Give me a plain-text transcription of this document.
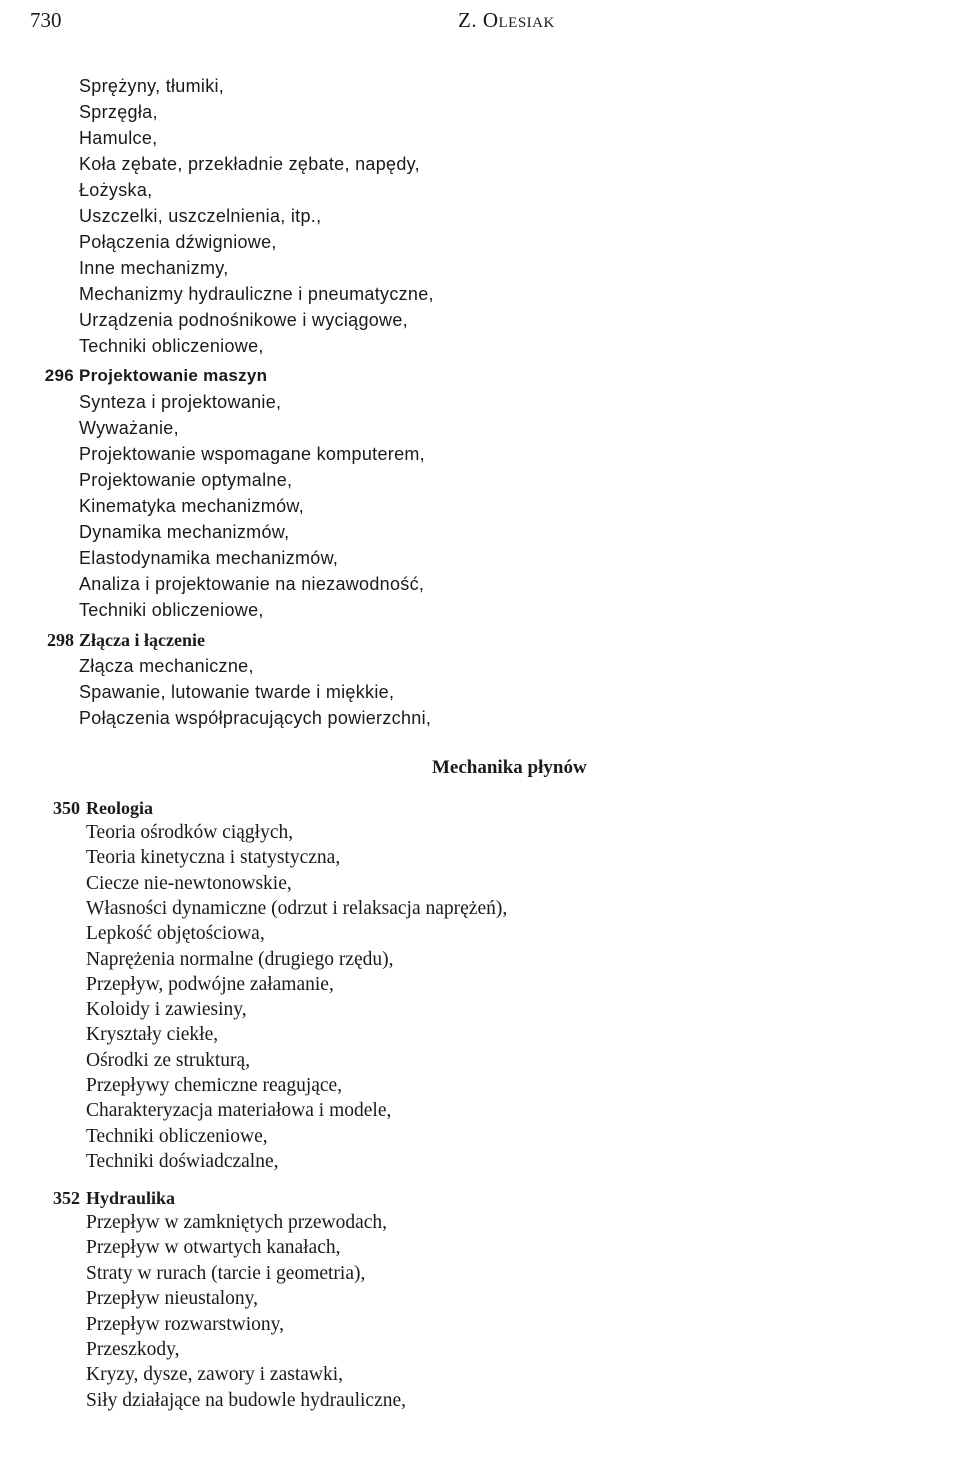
730	Z. Olesiak
Sprężyny, tłumiki,
Sprzęgła,
Hamulce,
Koła zębate, przekładnie zębate, napędy,
Łożyska,
Uszczelki, uszczelnienia, itp.,
Połączenia dźwigniowe,
Inne mechanizmy,
Mechanizmy hydrauliczne i pneumatyczne,
Urządzenia podnośnikowe i wyciągowe,
Techniki obliczeniowe,
296 Projektowanie maszyn
Synteza i projektowanie,
Wyważanie,
Projektowanie wspomagane komputerem,
Projektowanie optymalne,
Kinematyka mechanizmów,
Dynamika mechanizmów,
Elastodynamika mechanizmów,
Analiza i projektowanie na niezawodność,
Techniki obliczeniowe,
298 Złącza i łączenie
Złącza mechaniczne,
Spawanie, lutowanie twarde i miękkie,
Połączenia współpracujących powierzchni,
Mechanika płynów
350 Reologia
Teoria ośrodków ciągłych,
Teoria kinetyczna i statystyczna,
Ciecze nie-newtonowskie,
Własności dynamiczne (odrzut i relaksacja naprężeń),
Lepkość objętościowa,
Naprężenia normalne (drugiego rzędu),
Przepływ, podwójne załamanie,
Koloidy i zawiesiny,
Kryształy ciekłe,
Ośrodki ze strukturą,
Przepływy chemiczne reagujące,
Charakteryzacja materiałowa i modele,
Techniki obliczeniowe,
Techniki doświadczalne,
352 Hydraulika
Przepływ w zamkniętych przewodach,
Przepływ w otwartych kanałach,
Straty w rurach (tarcie i geometria),
Przepływ nieustalony,
Przepływ rozwarstwiony,
Przeszkody,
Kryzy, dysze, zawory i zastawki,
Siły działające na budowle hydrauliczne,
